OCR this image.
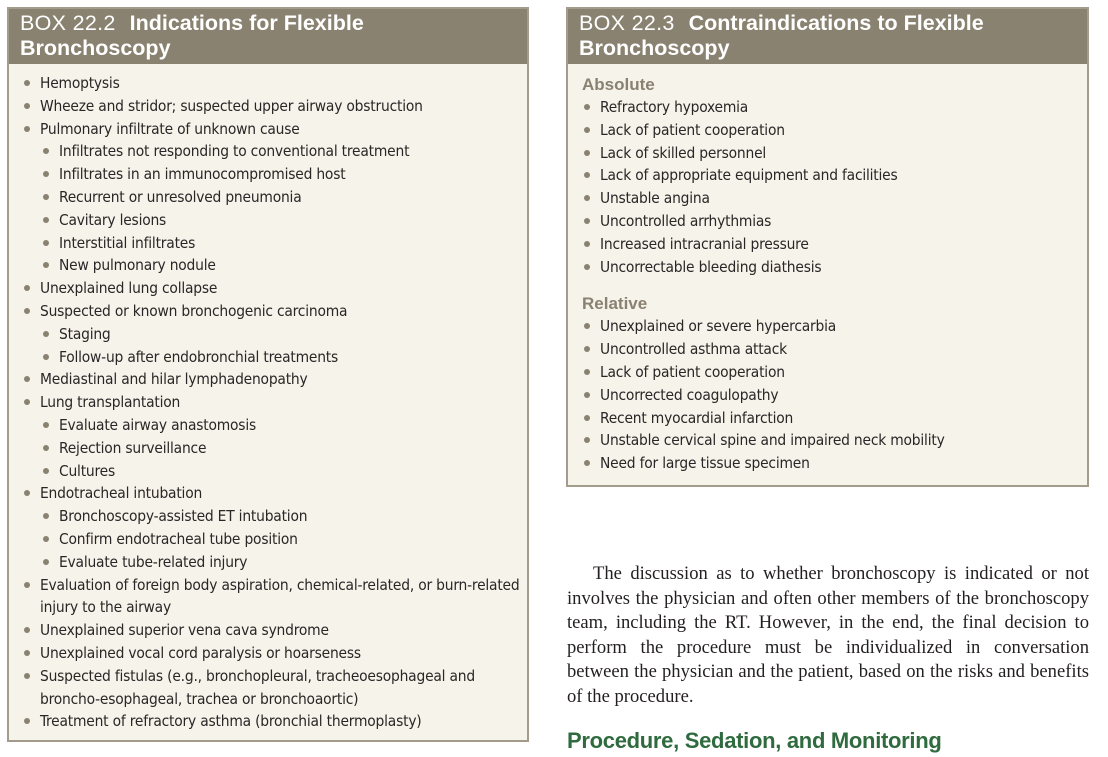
BOX 22.2 Indications for Flexible
Bronchoscopy
Hemoptysis
Wheeze and stridor; suspected upper airway obstruction
Pulmonary infiltrate of unknown cause
Infiltrates not responding to conventional treatment
Infiltrates in an immunocompromised host
Recurrent or unresolved pneumonia
Cavitary lesions
Interstitial infiltrates
New pulmonary nodule
Unexplained lung collapse
Suspected or known bronchogenic carcinoma
Staging
Follow-up after endobronchial treatments
Mediastinal and hilar lymphadenopathy
Lung transplantation
Evaluate airway anastomosis
Rejection surveillance
Cultures
Endotracheal intubation
Bronchoscopy-assisted ET intubation
Confirm endotracheal tube position
Evaluate tube-related injury
Evaluation of foreign body aspiration, chemical-related, or burn-related injury to the airway
Unexplained superior vena cava syndrome
Unexplained vocal cord paralysis or hoarseness
Suspected fistulas (e.g., bronchopleural, tracheoesophageal and broncho-esophageal, trachea or bronchoaortic)
Treatment of refractory asthma (bronchial thermoplasty)
BOX 22.3 Contraindications to Flexible
Bronchoscopy
Absolute
Refractory hypoxemia
Lack of patient cooperation
Lack of skilled personnel
Lack of appropriate equipment and facilities
Unstable angina
Uncontrolled arrhythmias
Increased intracranial pressure
Uncorrectable bleeding diathesis
Relative
Unexplained or severe hypercarbia
Uncontrolled asthma attack
Lack of patient cooperation
Uncorrected coagulopathy
Recent myocardial infarction
Unstable cervical spine and impaired neck mobility
Need for large tissue specimen

The discussion as to whether bronchoscopy is indicated or not involves the physician and often other members of the bronchoscopy team, including the RT. However, in the end, the final decision to perform the procedure must be individualized in conversation between the physician and the patient, based on the risks and benefits of the procedure.

Procedure, Sedation, and Monitoring
